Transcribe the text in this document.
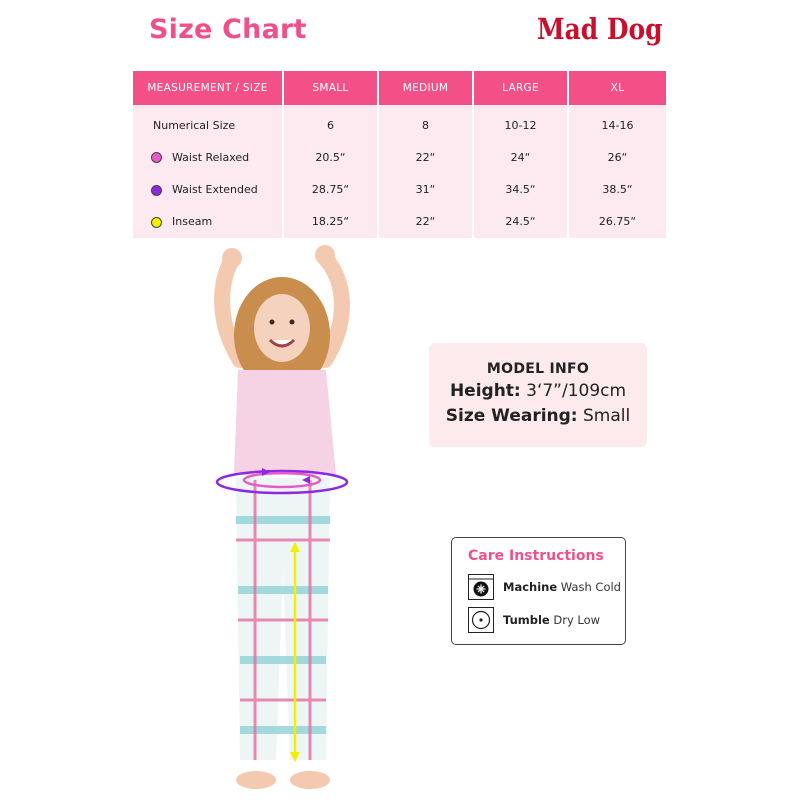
Size Chart	Mad Dog
MEASUREMENT / SIZE	SMALL	MEDIUM	LARGE	XL
Numerical Size	6	8	10-12	14-16
Waist Relaxed	20.5“	22“	24“	26“
Waist Extended	28.75“	31“	34.5“	38.5“
Inseam	18.25“	22“	24.5“	26.75“
MODEL INFO
Height: 3‘7”/109cm
Size Wearing: Small
Care Instructions
Machine Wash Cold
Tumble Dry Low
